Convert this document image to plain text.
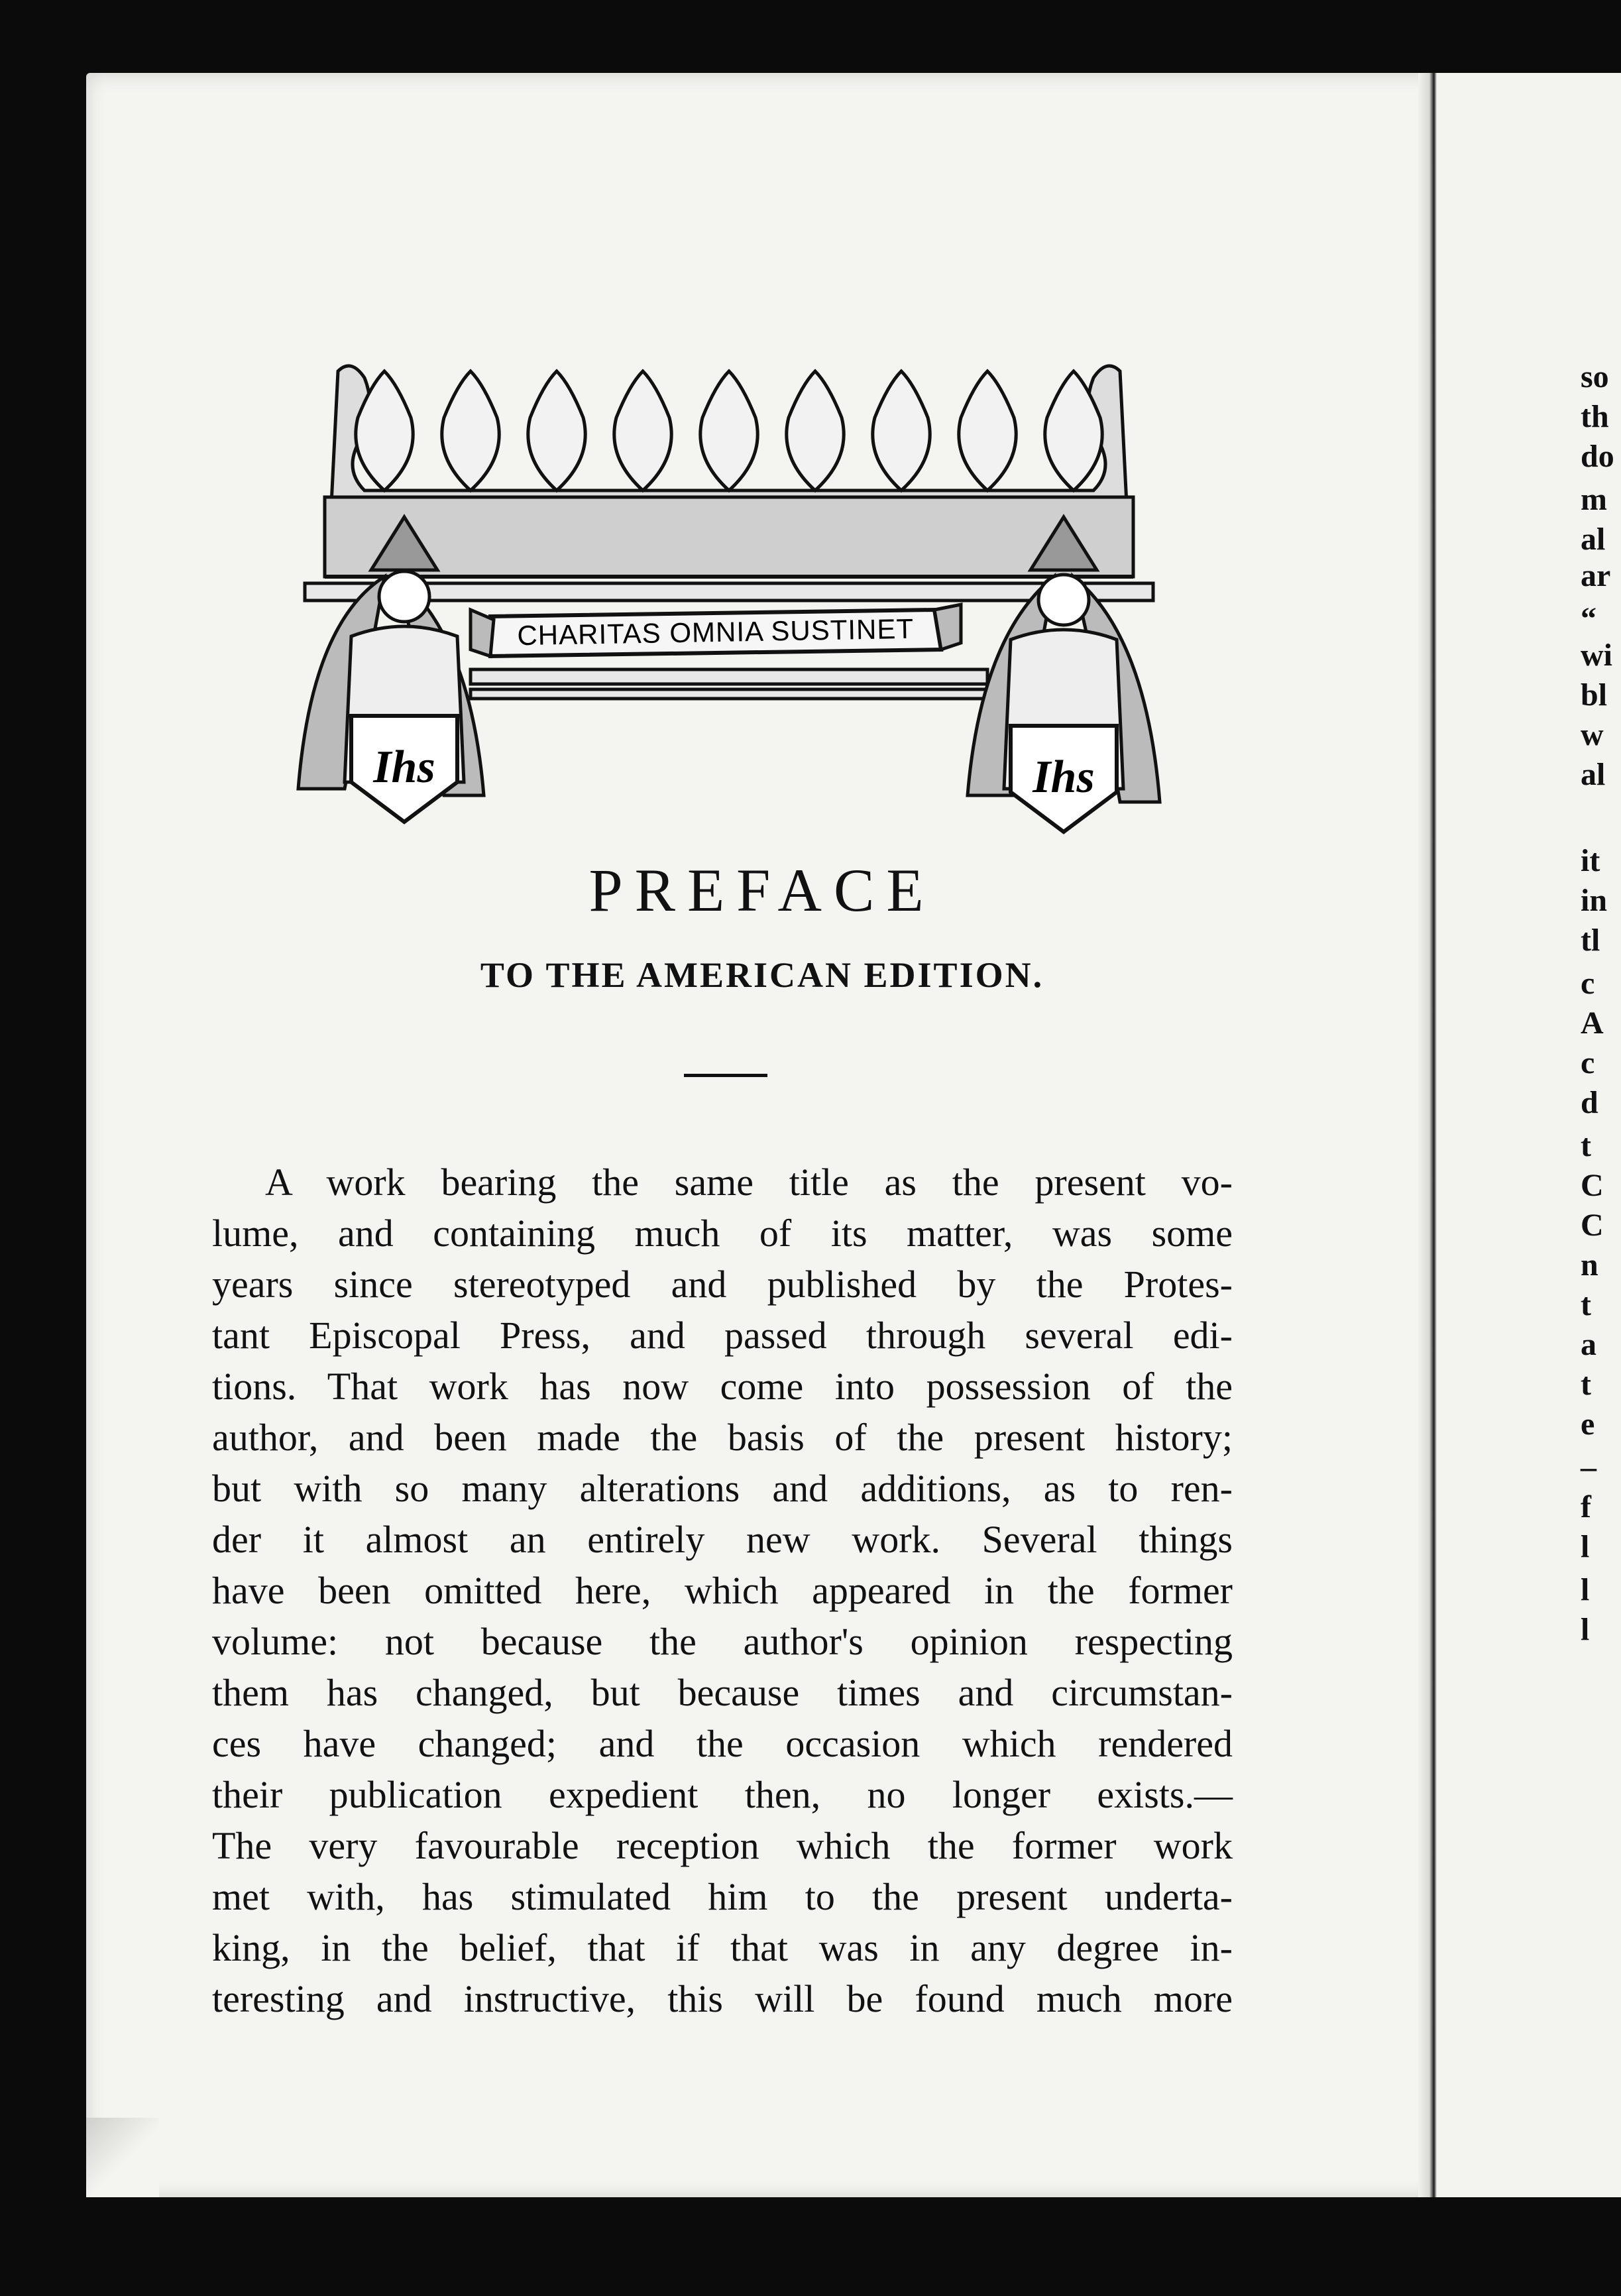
so
th
do
m
al
ar
“
wi
bl
w
al
it
in
tl
c
A
c
d
t
C
C
n
t
a
t
e
–
f
l
l
l
CHARITAS OMNIA SUSTINET
Ihs	Ihs
PREFACE
TO THE AMERICAN EDITION.
A work bearing the same title as the present vo-
lume, and containing much of its matter, was some
years since stereotyped and published by the Protes-
tant Episcopal Press, and passed through several edi-
tions. That work has now come into possession of the
author, and been made the basis of the present history;
but with so many alterations and additions, as to ren-
der it almost an entirely new work. Several things
have been omitted here, which appeared in the former
volume: not because the author's opinion respecting
them has changed, but because times and circumstan-
ces have changed; and the occasion which rendered
their publication expedient then, no longer exists.—
The very favourable reception which the former work
met with, has stimulated him to the present underta-
king, in the belief, that if that was in any degree in-
teresting and instructive, this will be found much more
